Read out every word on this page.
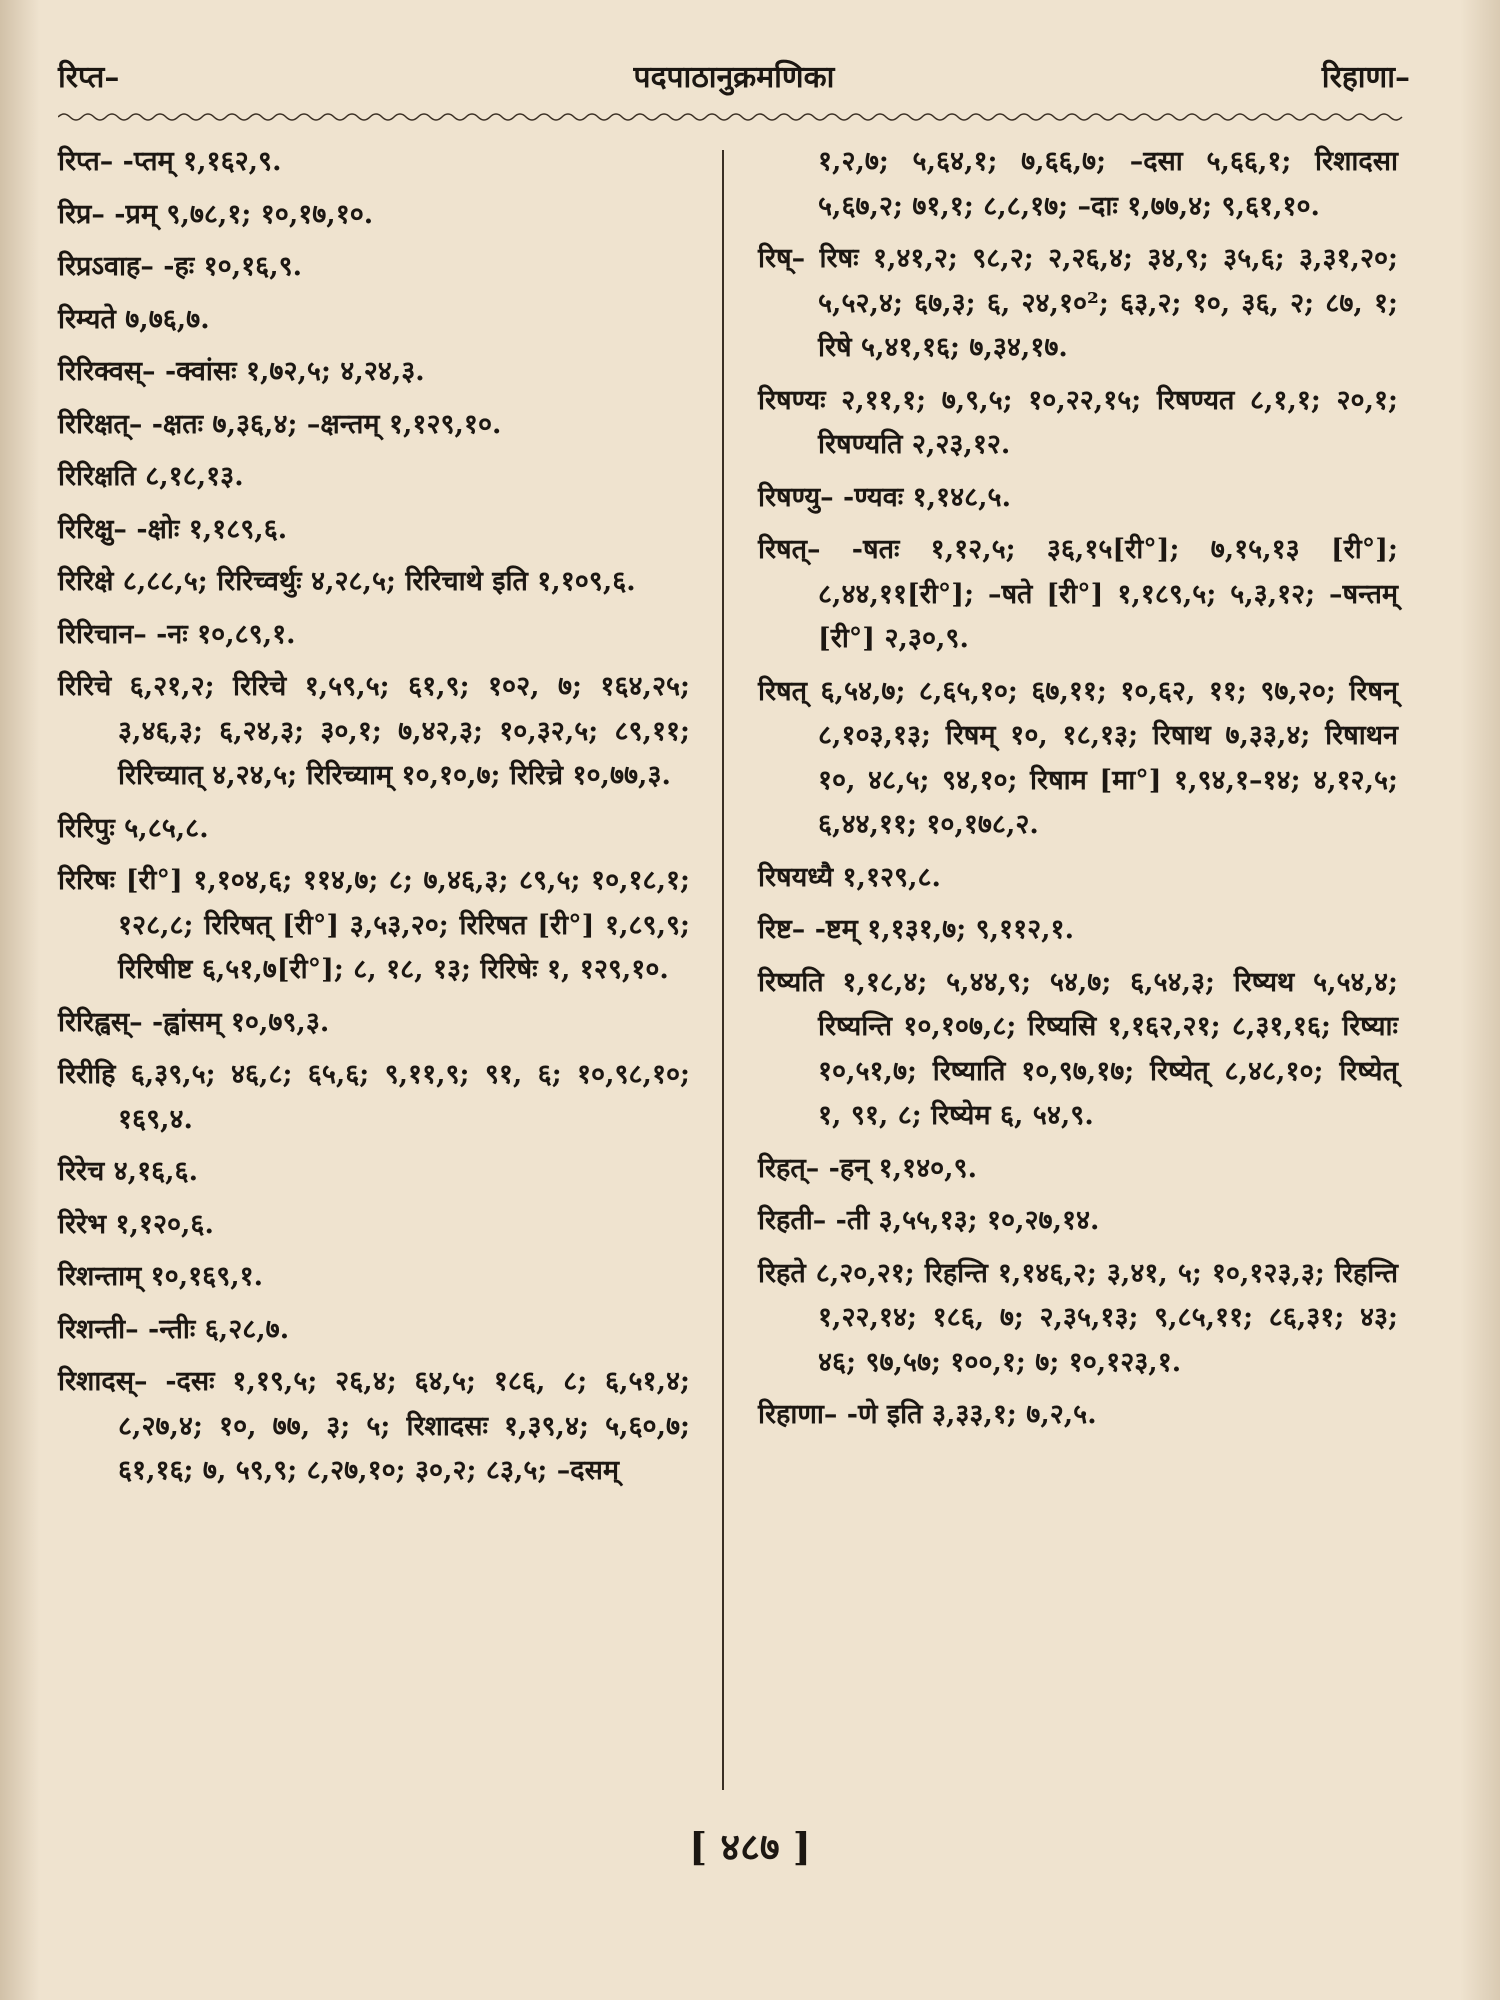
रिप्त–	पदपाठानुक्रमणिका	रिहाणा–
रिप्त– -प्तम् १,१६२,९.
रिप्र– -प्रम् ९,७८,१; १०,१७,१०.
रिप्रऽवाह– -हः १०,१६,९.
रिम्यते ७,७६,७.
रिरिक्वस्– -क्वांसः १,७२,५; ४,२४,३.
रिरिक्षत्– -क्षतः ७,३६,४; –क्षन्तम् १,१२९,१०.
रिरिक्षति ८,१८,१३.
रिरिक्षु– -क्षोः १,१८९,६.
रिरिक्षे ८,८८,५; रिरिच्वर्थुः ४,२८,५; रिरिचाथे इति १,१०९,६.
रिरिचान– -नः १०,८९,१.
रिरिचे ६,२१,२; रिरिचे १,५९,५; ६१,९; १०२, ७; १६४,२५; ३,४६,३; ६,२४,३; ३०,१; ७,४२,३; १०,३२,५; ८९,११; रिरिच्यात् ४,२४,५; रिरिच्याम् १०,१०,७; रिरिच्रे १०,७७,३.
रिरिपुः ५,८५,८.
रिरिषः [री°] १,१०४,६; ११४,७; ८; ७,४६,३; ८९,५; १०,१८,१; १२८,८; रिरिषत् [री°] ३,५३,२०; रिरिषत [री°] १,८९,९; रिरिषीष्ट ६,५१,७[री°]; ८, १८, १३; रिरिषेः १, १२९,१०.
रिरिह्वस्– -ह्वांसम् १०,७९,३.
रिरीहि ६,३९,५; ४६,८; ६५,६; ९,११,९; ९१, ६; १०,९८,१०; १६९,४.
रिरेच ४,१६,६.
रिरेभ १,१२०,६.
रिशन्ताम् १०,१६९,१.
रिशन्ती– -न्तीः ६,२८,७.
रिशादस्– -दसः १,१९,५; २६,४; ६४,५; १८६, ८; ६,५१,४; ८,२७,४; १०, ७७, ३; ५; रिशादसः १,३९,४; ५,६०,७; ६१,१६; ७, ५९,९; ८,२७,१०; ३०,२; ८३,५; –दसम्
१,२,७; ५,६४,१; ७,६६,७; –दसा ५,६६,१; रिशादसा ५,६७,२; ७१,१; ८,८,१७; –दाः १,७७,४; ९,६१,१०.
रिष्– रिषः १,४१,२; ९८,२; २,२६,४; ३४,९; ३५,६; ३,३१,२०; ५,५२,४; ६७,३; ६, २४,१०²; ६३,२; १०, ३६, २; ८७, १; रिषे ५,४१,१६; ७,३४,१७.
रिषण्यः २,११,१; ७,९,५; १०,२२,१५; रिषण्यत ८,१,१; २०,१; रिषण्यति २,२३,१२.
रिषण्यु– -ण्यवः १,१४८,५.
रिषत्– -षतः १,१२,५; ३६,१५[री°]; ७,१५,१३ [री°]; ८,४४,११[री°]; –षते [री°] १,१८९,५; ५,३,१२; –षन्तम् [री°] २,३०,९.
रिषत् ६,५४,७; ८,६५,१०; ६७,११; १०,६२, ११; ९७,२०; रिषन् ८,१०३,१३; रिषम् १०, १८,१३; रिषाथ ७,३३,४; रिषाथन १०, ४८,५; ९४,१०; रिषाम [मा°] १,९४,१–१४; ४,१२,५; ६,४४,११; १०,१७८,२.
रिषयध्यै १,१२९,८.
रिष्ट– -ष्टम् १,१३१,७; ९,११२,१.
रिष्यति १,१८,४; ५,४४,९; ५४,७; ६,५४,३; रिष्यथ ५,५४,४; रिष्यन्ति १०,१०७,८; रिष्यसि १,१६२,२१; ८,३१,१६; रिष्याः १०,५१,७; रिष्याति १०,९७,१७; रिष्येत् ८,४८,१०; रिष्येत् १, ९१, ८; रिष्येम ६, ५४,९.
रिहत्– -हन् १,१४०,९.
रिहती– -ती ३,५५,१३; १०,२७,१४.
रिहते ८,२०,२१; रिहन्ति १,१४६,२; ३,४१, ५; १०,१२३,३; रिहन्ति १,२२,१४; १८६, ७; २,३५,१३; ९,८५,११; ८६,३१; ४३; ४६; ९७,५७; १००,१; ७; १०,१२३,१.
रिहाणा– -णे इति ३,३३,१; ७,२,५.
[ ४८७ ]
